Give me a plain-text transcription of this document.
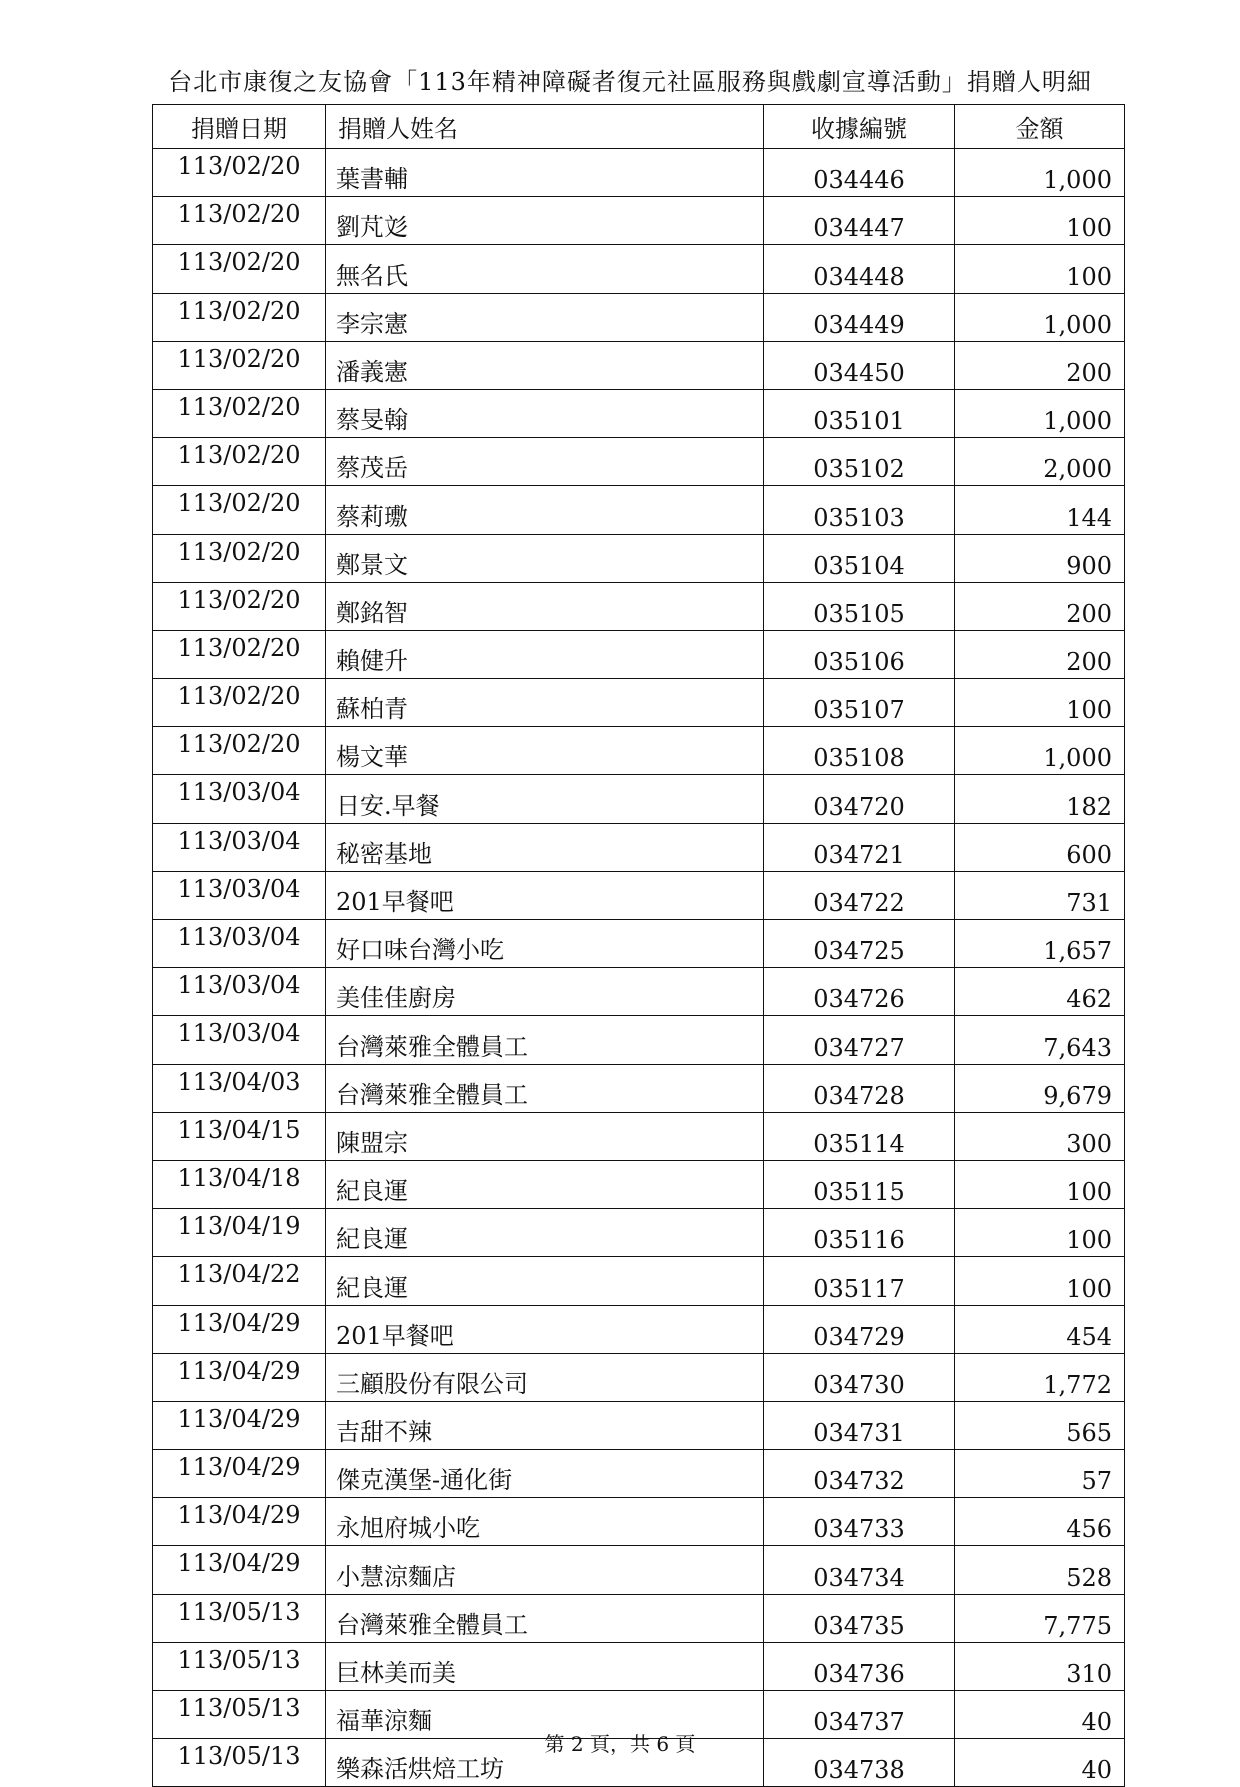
台北市康復之友協會「113年精神障礙者復元社區服務與戲劇宣導活動」捐贈人明細
捐贈日期	捐贈人姓名	收據編號	金額
113/02/20	葉書輔	034446	1,000
113/02/20	劉芃彣	034447	100
113/02/20	無名氏	034448	100
113/02/20	李宗憲	034449	1,000
113/02/20	潘義憲	034450	200
113/02/20	蔡旻翰	035101	1,000
113/02/20	蔡茂岳	035102	2,000
113/02/20	蔡莉璷	035103	144
113/02/20	鄭景文	035104	900
113/02/20	鄭銘智	035105	200
113/02/20	賴健升	035106	200
113/02/20	蘇柏青	035107	100
113/02/20	楊文華	035108	1,000
113/03/04	日安.早餐	034720	182
113/03/04	秘密基地	034721	600
113/03/04	201早餐吧	034722	731
113/03/04	好口味台灣小吃	034725	1,657
113/03/04	美佳佳廚房	034726	462
113/03/04	台灣萊雅全體員工	034727	7,643
113/04/03	台灣萊雅全體員工	034728	9,679
113/04/15	陳盟宗	035114	300
113/04/18	紀良運	035115	100
113/04/19	紀良運	035116	100
113/04/22	紀良運	035117	100
113/04/29	201早餐吧	034729	454
113/04/29	三顧股份有限公司	034730	1,772
113/04/29	吉甜不辣	034731	565
113/04/29	傑克漢堡-通化街	034732	57
113/04/29	永旭府城小吃	034733	456
113/04/29	小慧涼麵店	034734	528
113/05/13	台灣萊雅全體員工	034735	7,775
113/05/13	巨林美而美	034736	310
113/05/13	福華涼麵	034737	40
113/05/13	樂森活烘焙工坊	034738	40
第 2 頁，共 6 頁
